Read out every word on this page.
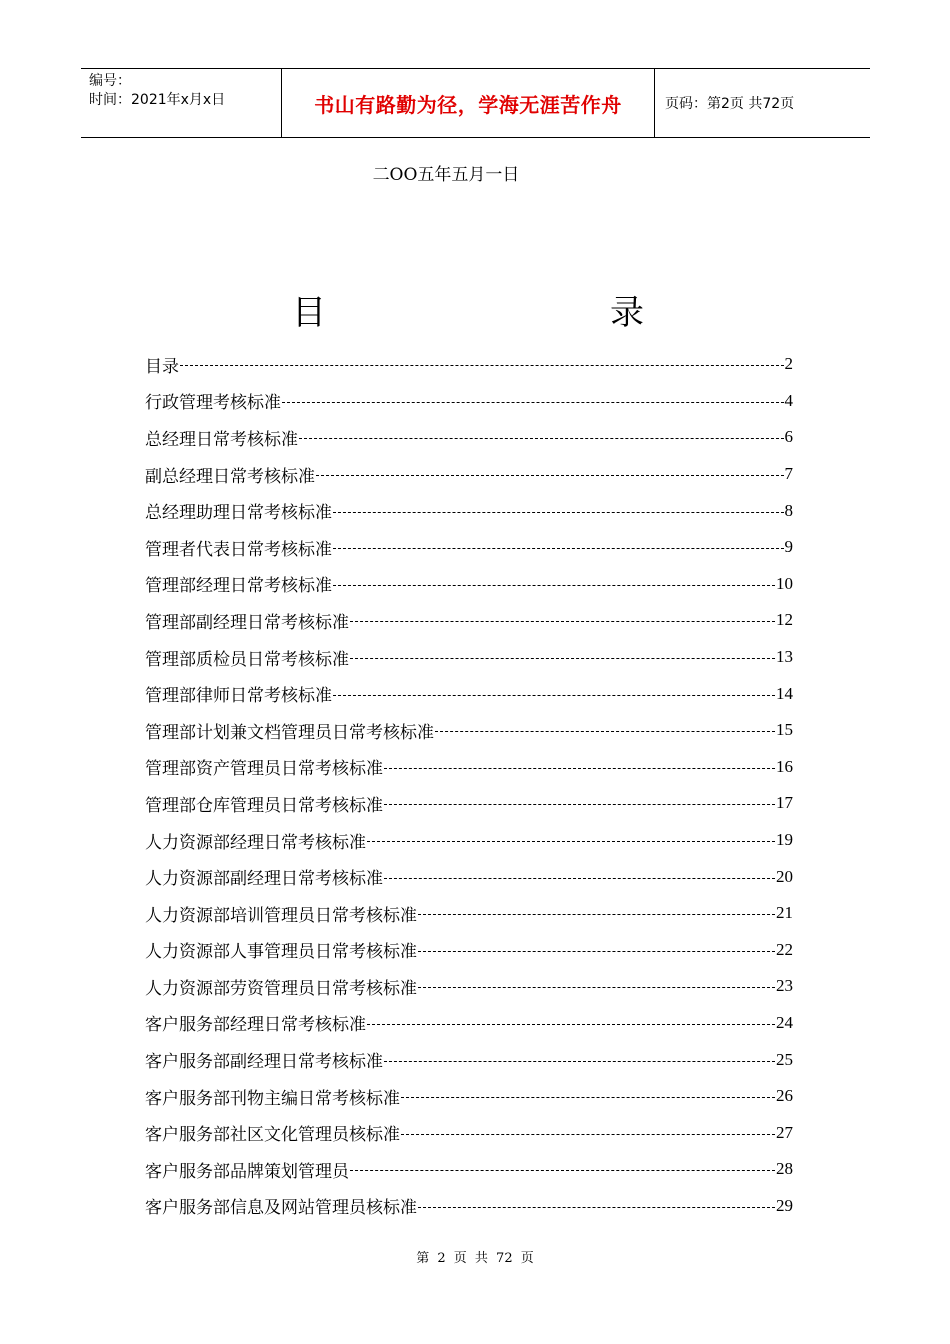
编号：
时间：2021年x月x日	书山有路勤为径，学海无涯苦作舟	页码：第2页 共72页
二OO五年五月一日
目	录
目录	2
行政管理考核标准	4
总经理日常考核标准	6
副总经理日常考核标准	7
总经理助理日常考核标准	8
管理者代表日常考核标准	9
管理部经理日常考核标准	10
管理部副经理日常考核标准	12
管理部质检员日常考核标准	13
管理部律师日常考核标准	14
管理部计划兼文档管理员日常考核标准	15
管理部资产管理员日常考核标准	16
管理部仓库管理员日常考核标准	17
人力资源部经理日常考核标准	19
人力资源部副经理日常考核标准	20
人力资源部培训管理员日常考核标准	21
人力资源部人事管理员日常考核标准	22
人力资源部劳资管理员日常考核标准	23
客户服务部经理日常考核标准	24
客户服务部副经理日常考核标准	25
客户服务部刊物主编日常考核标准	26
客户服务部社区文化管理员核标准	27
客户服务部品牌策划管理员	28
客户服务部信息及网站管理员核标准	29
第 2 页 共 72 页
